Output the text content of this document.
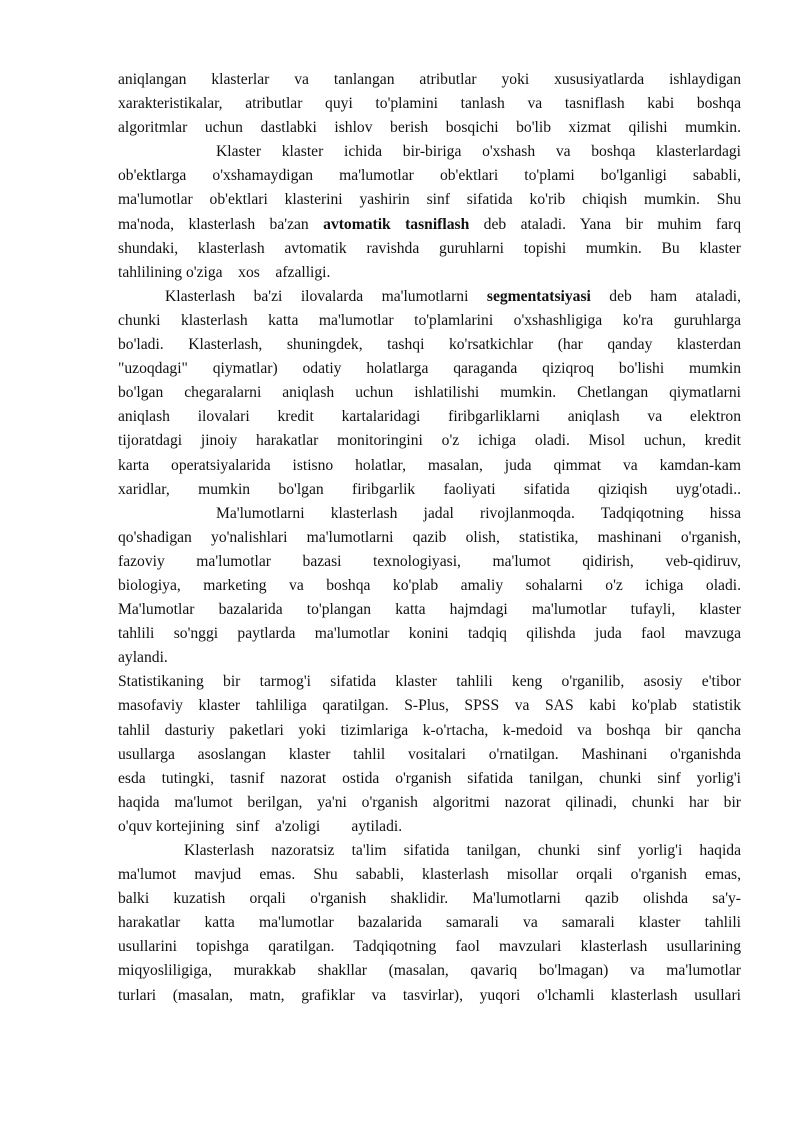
aniqlangan klasterlar va tanlangan atributlar yoki xususiyatlarda ishlaydigan
xarakteristikalar, atributlar quyi to'plamini tanlash va tasniflash kabi boshqa
algoritmlar uchun dastlabki ishlov berish bosqichi bo'lib xizmat qilishi mumkin.
Klaster klaster ichida bir-biriga o'xshash va boshqa klasterlardagi
ob'ektlarga o'xshamaydigan ma'lumotlar ob'ektlari to'plami bo'lganligi sababli,
ma'lumotlar ob'ektlari klasterini yashirin sinf sifatida ko'rib chiqish mumkin. Shu
ma'noda, klasterlash ba'zan avtomatik tasniflash deb ataladi. Yana bir muhim farq
shundaki, klasterlash avtomatik ravishda guruhlarni topishi mumkin. Bu klaster
tahlilining o'ziga    xos    afzalligi.
Klasterlash ba'zi ilovalarda ma'lumotlarni segmentatsiyasi deb ham ataladi,
chunki klasterlash katta ma'lumotlar to'plamlarini o'xshashligiga ko'ra guruhlarga
bo'ladi. Klasterlash, shuningdek, tashqi ko'rsatkichlar (har qanday klasterdan
"uzoqdagi" qiymatlar) odatiy holatlarga qaraganda qiziqroq bo'lishi mumkin
bo'lgan chegaralarni aniqlash uchun ishlatilishi mumkin. Chetlangan qiymatlarni
aniqlash ilovalari kredit kartalaridagi firibgarliklarni aniqlash va elektron
tijoratdagi jinoiy harakatlar monitoringini o'z ichiga oladi. Misol uchun, kredit
karta operatsiyalarida istisno holatlar, masalan, juda qimmat va kamdan-kam
xaridlar, mumkin bo'lgan firibgarlik faoliyati sifatida qiziqish uyg'otadi..
Ma'lumotlarni klasterlash jadal rivojlanmoqda. Tadqiqotning hissa
qo'shadigan yo'nalishlari ma'lumotlarni qazib olish, statistika, mashinani o'rganish,
fazoviy ma'lumotlar bazasi texnologiyasi, ma'lumot qidirish, veb-qidiruv,
biologiya, marketing va boshqa ko'plab amaliy sohalarni o'z ichiga oladi.
Ma'lumotlar bazalarida to'plangan katta hajmdagi ma'lumotlar tufayli, klaster
tahlili so'nggi paytlarda ma'lumotlar konini tadqiq qilishda juda faol mavzuga
aylandi.
Statistikaning bir tarmog'i sifatida klaster tahlili keng o'rganilib, asosiy e'tibor
masofaviy klaster tahliliga qaratilgan. S-Plus, SPSS va SAS kabi ko'plab statistik
tahlil dasturiy paketlari yoki tizimlariga k-o'rtacha, k-medoid va boshqa bir qancha
usullarga asoslangan klaster tahlil vositalari o'rnatilgan. Mashinani o'rganishda
esda tutingki, tasnif nazorat ostida o'rganish sifatida tanilgan, chunki sinf yorlig'i
haqida ma'lumot berilgan, ya'ni o'rganish algoritmi nazorat qilinadi, chunki har bir
o'quv kortejining   sinf    a'zoligi        aytiladi.
Klasterlash nazoratsiz ta'lim sifatida tanilgan, chunki sinf yorlig'i haqida
ma'lumot mavjud emas. Shu sababli, klasterlash misollar orqali o'rganish emas,
balki kuzatish orqali o'rganish shaklidir. Ma'lumotlarni qazib olishda sa'y-
harakatlar katta ma'lumotlar bazalarida samarali va samarali klaster tahlili
usullarini topishga qaratilgan. Tadqiqotning faol mavzulari klasterlash usullarining
miqyosliligiga, murakkab shakllar (masalan, qavariq bo'lmagan) va ma'lumotlar
turlari (masalan, matn, grafiklar va tasvirlar), yuqori o'lchamli klasterlash usullari
